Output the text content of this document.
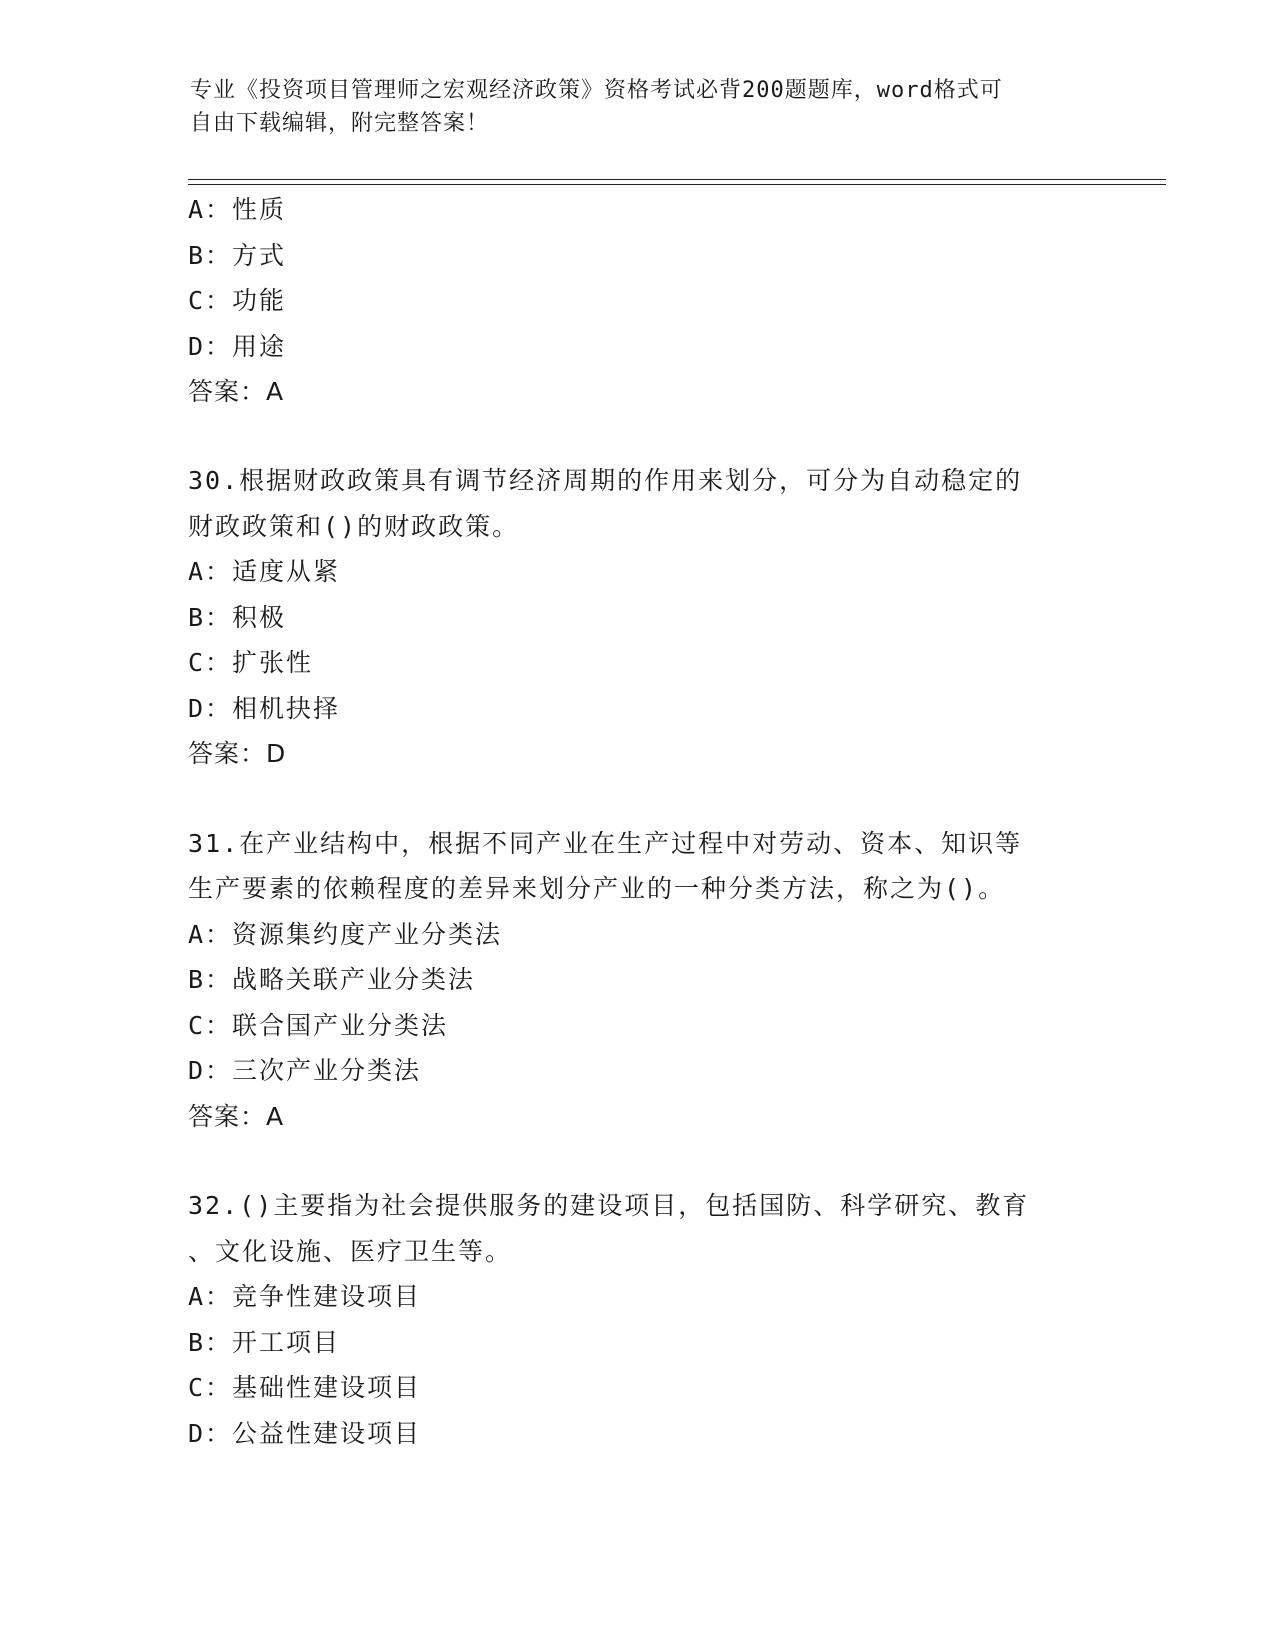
专业《投资项目管理师之宏观经济政策》资格考试必背200题题库，word格式可
自由下载编辑，附完整答案！
A：性质
B：方式
C：功能
D：用途
答案：A
30.根据财政政策具有调节经济周期的作用来划分，可分为自动稳定的
财政政策和()的财政政策。
A：适度从紧
B：积极
C：扩张性
D：相机抉择
答案：D
31.在产业结构中，根据不同产业在生产过程中对劳动、资本、知识等
生产要素的依赖程度的差异来划分产业的一种分类方法，称之为()。
A：资源集约度产业分类法
B：战略关联产业分类法
C：联合国产业分类法
D：三次产业分类法
答案：A
32.()主要指为社会提供服务的建设项目，包括国防、科学研究、教育
、文化设施、医疗卫生等。
A：竞争性建设项目
B：开工项目
C：基础性建设项目
D：公益性建设项目
